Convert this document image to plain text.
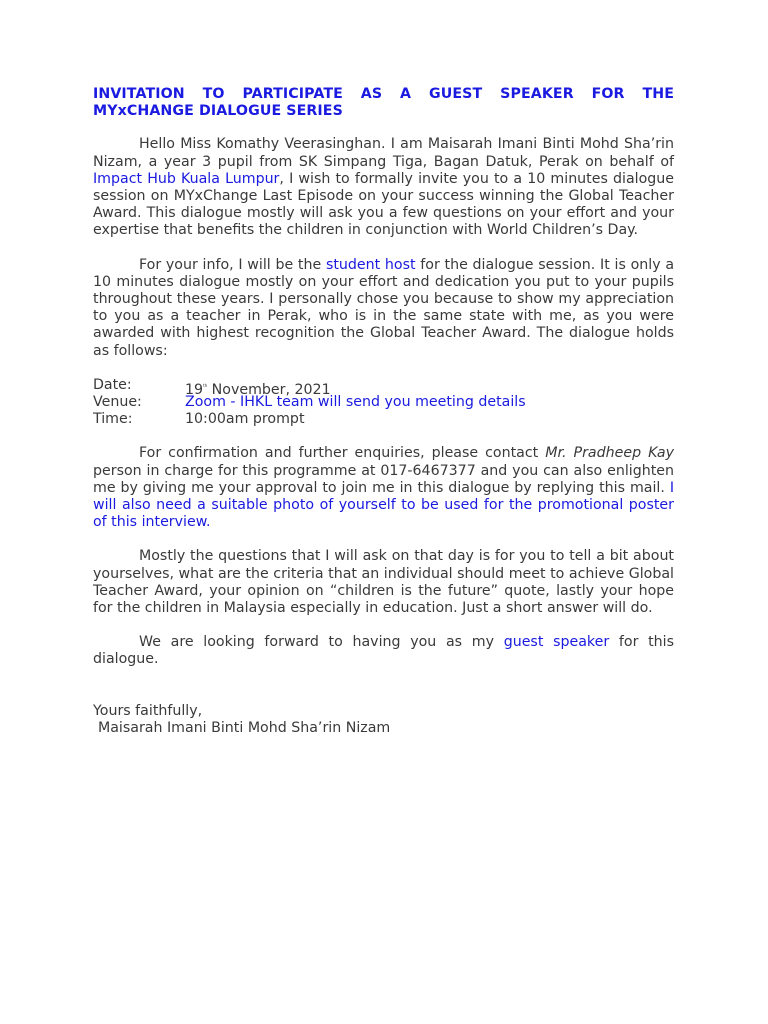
INVITATION TO PARTICIPATE AS A GUEST SPEAKER FOR THE
MYxCHANGE DIALOGUE SERIES

Hello Miss Komathy Veerasinghan. I am Maisarah Imani Binti Mohd Sha’rin Nizam, a year 3 pupil from SK Simpang Tiga, Bagan Datuk, Perak on behalf of Impact Hub Kuala Lumpur, I wish to formally invite you to a 10 minutes dialogue session on MYxChange Last Episode on your success winning the Global Teacher Award. This dialogue mostly will ask you a few questions on your effort and your expertise that benefits the children in conjunction with World Children’s Day.

For your info, I will be the student host for the dialogue session. It is only a 10 minutes dialogue mostly on your effort and dedication you put to your pupils throughout these years. I personally chose you because to show my appreciation to you as a teacher in Perak, who is in the same state with me, as you were awarded with highest recognition the Global Teacher Award. The dialogue holds as follows:

Date:	19th November, 2021
Venue:	Zoom - IHKL team will send you meeting details
Time:	10:00am prompt

For confirmation and further enquiries, please contact Mr. Pradheep Kay person in charge for this programme at 017-6467377 and you can also enlighten me by giving me your approval to join me in this dialogue by replying this mail. I will also need a suitable photo of yourself to be used for the promotional poster of this interview.

Mostly the questions that I will ask on that day is for you to tell a bit about yourselves, what are the criteria that an individual should meet to achieve Global Teacher Award, your opinion on “children is the future” quote, lastly your hope for the children in Malaysia especially in education. Just a short answer will do.

We are looking forward to having you as my guest speaker for this dialogue.

Yours faithfully,
Maisarah Imani Binti Mohd Sha’rin Nizam
